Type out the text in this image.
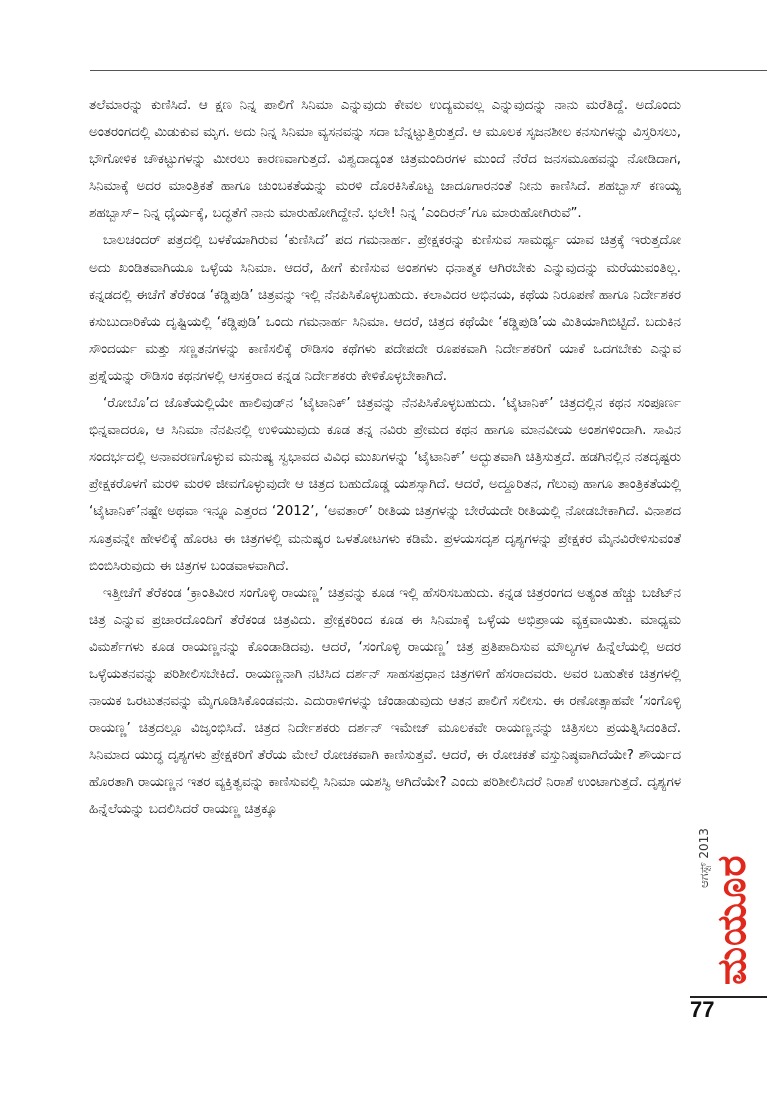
ತಲೆಮಾರನ್ನು ಕುಣಿಸಿದೆ. ಆ ಕ್ಷಣ ನಿನ್ನ ಪಾಲಿಗೆ ಸಿನಿಮಾ ಎನ್ನುವುದು ಕೇವಲ ಉದ್ಯಮವಲ್ಲ ಎನ್ನುವುದನ್ನು ನಾನು ಮರೆತಿದ್ದೆ. ಅದೊಂದು ಅಂತರಂಗದಲ್ಲಿ ಮಿಡುಕುವ ಮೃಗ. ಅದು ನಿನ್ನ ಸಿನಿಮಾ ವ್ಯಸನವನ್ನು ಸದಾ ಬೆನ್ನಟ್ಟುತ್ತಿರುತ್ತದೆ. ಆ ಮೂಲಕ ಸೃಜನಶೀಲ ಕನಸುಗಳನ್ನು ವಿಸ್ತರಿಸಲು, ಭೌಗೋಳಿಕ ಚೌಕಟ್ಟುಗಳನ್ನು ಮೀರಲು ಕಾರಣವಾಗುತ್ತದೆ. ವಿಶ್ವದಾದ್ಯಂತ ಚಿತ್ರಮಂದಿರಗಳ ಮುಂದೆ ನೆರೆದ ಜನಸಮೂಹವನ್ನು ನೋಡಿದಾಗ, ಸಿನಿಮಾಕ್ಕೆ ಅದರ ಮಾಂತ್ರಿಕತೆ ಹಾಗೂ ಚುಂಬಕತೆಯನ್ನು ಮರಳಿ ದೊರಕಿಸಿಕೊಟ್ಟ ಜಾದೂಗಾರನಂತೆ ನೀನು ಕಾಣಿಸಿದೆ. ಶಹಬ್ಬಾಸ್ ಕಣಯ್ಯ ಶಹಬ್ಬಾಸ್– ನಿನ್ನ ಧೈರ್ಯಕ್ಕೆ, ಬದ್ಧತೆಗೆ ನಾನು ಮಾರುಹೋಗಿದ್ದೇನೆ. ಭಲೇ! ನಿನ್ನ ‘ಎಂದಿರನ್’ಗೂ ಮಾರುಹೋಗಿರುವೆ”.

ಬಾಲಚಂದರ್ ಪತ್ರದಲ್ಲಿ ಬಳಕೆಯಾಗಿರುವ ‘ಕುಣಿಸಿದೆ’ ಪದ ಗಮನಾರ್ಹ. ಪ್ರೇಕ್ಷಕರನ್ನು ಕುಣಿಸುವ ಸಾಮರ್ಥ್ಯ ಯಾವ ಚಿತ್ರಕ್ಕೆ ಇರುತ್ತದೋ ಅದು ಖಂಡಿತವಾಗಿಯೂ ಒಳ್ಳೆಯ ಸಿನಿಮಾ. ಆದರೆ, ಹೀಗೆ ಕುಣಿಸುವ ಅಂಶಗಳು ಧನಾತ್ಮಕ ಆಗಿರಬೇಕು ಎನ್ನುವುದನ್ನು ಮರೆಯುವಂತಿಲ್ಲ. ಕನ್ನಡದಲ್ಲಿ ಈಚೆಗೆ ತೆರೆಕಂಡ ‘ಕಡ್ಡಿಪುಡಿ’ ಚಿತ್ರವನ್ನು ಇಲ್ಲಿ ನೆನಪಿಸಿಕೊಳ್ಳಬಹುದು. ಕಲಾವಿದರ ಅಭಿನಯ, ಕಥೆಯ ನಿರೂಪಣೆ ಹಾಗೂ ನಿರ್ದೇಶಕರ ಕಸುಬುದಾರಿಕೆಯ ದೃಷ್ಟಿಯಲ್ಲಿ ‘ಕಡ್ಡಿಪುಡಿ’ ಒಂದು ಗಮನಾರ್ಹ ಸಿನಿಮಾ. ಆದರೆ, ಚಿತ್ರದ ಕಥೆಯೇ ‘ಕಡ್ಡಿಪುಡಿ’ಯ ಮಿತಿಯಾಗಿಬಿಟ್ಟಿದೆ. ಬದುಕಿನ ಸೌಂದರ್ಯ ಮತ್ತು ಸಣ್ಣತನಗಳನ್ನು ಕಾಣಿಸಲಿಕ್ಕೆ ರೌಡಿಸಂ ಕಥೆಗಳು ಪದೇಪದೇ ರೂಪಕವಾಗಿ ನಿರ್ದೇಶಕರಿಗೆ ಯಾಕೆ ಒದಗಬೇಕು ಎನ್ನುವ ಪ್ರಶ್ನೆಯನ್ನು ರೌಡಿಸಂ ಕಥನಗಳಲ್ಲಿ ಆಸಕ್ತರಾದ ಕನ್ನಡ ನಿರ್ದೇಶಕರು ಕೇಳಿಕೊಳ್ಳಬೇಕಾಗಿದೆ.

‘ರೋಬೊ’ದ ಜೊತೆಯಲ್ಲಿಯೇ ಹಾಲಿವುಡ್‌ನ ‘ಟೈಟಾನಿಕ್’ ಚಿತ್ರವನ್ನು ನೆನಪಿಸಿಕೊಳ್ಳಬಹುದು. ‘ಟೈಟಾನಿಕ್’ ಚಿತ್ರದಲ್ಲಿನ ಕಥನ ಸಂಪೂರ್ಣ ಭಿನ್ನವಾದರೂ, ಆ ಸಿನಿಮಾ ನೆನಪಿನಲ್ಲಿ ಉಳಿಯುವುದು ಕೂಡ ತನ್ನ ನವಿರು ಪ್ರೇಮದ ಕಥನ ಹಾಗೂ ಮಾನವೀಯ ಅಂಶಗಳಿಂದಾಗಿ. ಸಾವಿನ ಸಂದರ್ಭದಲ್ಲಿ ಅನಾವರಣಗೊಳ್ಳುವ ಮನುಷ್ಯ ಸ್ವಭಾವದ ವಿವಿಧ ಮುಖಗಳನ್ನು ‘ಟೈಟಾನಿಕ್’ ಅದ್ಭುತವಾಗಿ ಚಿತ್ರಿಸುತ್ತದೆ. ಹಡಗಿನಲ್ಲಿನ ನತದೃಷ್ಟರು ಪ್ರೇಕ್ಷಕರೊಳಗೆ ಮರಳಿ ಮರಳಿ ಜೀವಗೊಳ್ಳುವುದೇ ಆ ಚಿತ್ರದ ಬಹುದೊಡ್ಡ ಯಶಸ್ಸಾಗಿದೆ. ಆದರೆ, ಅದ್ದೂರಿತನ, ಗೆಲುವು ಹಾಗೂ ತಾಂತ್ರಿಕತೆಯಲ್ಲಿ ‘ಟೈಟಾನಿಕ್’ನಷ್ಟೇ ಅಥವಾ ಇನ್ನೂ ಎತ್ತರದ ‘2012’, ‘ಅವತಾರ್’ ರೀತಿಯ ಚಿತ್ರಗಳನ್ನು ಬೇರೆಯದೇ ರೀತಿಯಲ್ಲಿ ನೋಡಬೇಕಾಗಿದೆ. ವಿನಾಶದ ಸೂತ್ರವನ್ನೇ ಹೇಳಲಿಕ್ಕೆ ಹೊರಟ ಈ ಚಿತ್ರಗಳಲ್ಲಿ ಮನುಷ್ಯರ ಒಳತೋಟಗಳು ಕಡಿಮೆ. ಪ್ರಳಯಸದೃಶ ದೃಶ್ಯಗಳನ್ನು ಪ್ರೇಕ್ಷಕರ ಮೈನವಿರೇಳಿಸುವಂತೆ ಬಿಂಬಿಸಿರುವುದು ಈ ಚಿತ್ರಗಳ ಬಂಡವಾಳವಾಗಿದೆ.

ಇತ್ತೀಚೆಗೆ ತೆರೆಕಂಡ ‘ಕ್ರಾಂತಿವೀರ ಸಂಗೊಳ್ಳಿ ರಾಯಣ್ಣ’ ಚಿತ್ರವನ್ನು ಕೂಡ ಇಲ್ಲಿ ಹೆಸರಿಸಬಹುದು. ಕನ್ನಡ ಚಿತ್ರರಂಗದ ಅತ್ಯಂತ ಹೆಚ್ಚು ಬಜೆಟ್‌ನ ಚಿತ್ರ ಎನ್ನುವ ಪ್ರಚಾರದೊಂದಿಗೆ ತೆರೆಕಂಡ ಚಿತ್ರವಿದು. ಪ್ರೇಕ್ಷಕರಿಂದ ಕೂಡ ಈ ಸಿನಿಮಾಕ್ಕೆ ಒಳ್ಳೆಯ ಅಭಿಪ್ರಾಯ ವ್ಯಕ್ತವಾಯಿತು. ಮಾಧ್ಯಮ ವಿಮರ್ಶೆಗಳು ಕೂಡ ರಾಯಣ್ಣನನ್ನು ಕೊಂಡಾಡಿದವು. ಆದರೆ, ‘ಸಂಗೊಳ್ಳಿ ರಾಯಣ್ಣ’ ಚಿತ್ರ ಪ್ರತಿಪಾದಿಸುವ ಮೌಲ್ಯಗಳ ಹಿನ್ನೆಲೆಯಲ್ಲಿ ಅದರ ಒಳ್ಳೆಯತನವನ್ನು ಪರಿಶೀಲಿಸಬೇಕಿದೆ. ರಾಯಣ್ಣನಾಗಿ ನಟಿಸಿದ ದರ್ಶನ್ ಸಾಹಸಪ್ರಧಾನ ಚಿತ್ರಗಳಿಗೆ ಹೆಸರಾದವರು. ಅವರ ಬಹುತೇಕ ಚಿತ್ರಗಳಲ್ಲಿ ನಾಯಕ ಒರಟುತನವನ್ನು ಮೈಗೂಡಿಸಿಕೊಂಡವನು. ಎದುರಾಳಿಗಳನ್ನು ಚೆಂಡಾಡುವುದು ಆತನ ಪಾಲಿಗೆ ಸಲೀಸು. ಈ ರಣೋತ್ಸಾಹವೇ ‘ಸಂಗೊಳ್ಳಿ ರಾಯಣ್ಣ’ ಚಿತ್ರದಲ್ಲೂ ವಿಜೃಂಭಿಸಿದೆ. ಚಿತ್ರದ ನಿರ್ದೇಶಕರು ದರ್ಶನ್ ಇಮೇಜ್ ಮೂಲಕವೇ ರಾಯಣ್ಣನನ್ನು ಚಿತ್ರಿಸಲು ಪ್ರಯತ್ನಿಸಿದಂತಿದೆ. ಸಿನಿಮಾದ ಯುದ್ಧ ದೃಶ್ಯಗಳು ಪ್ರೇಕ್ಷಕರಿಗೆ ತೆರೆಯ ಮೇಲೆ ರೋಚಕವಾಗಿ ಕಾಣಿಸುತ್ತವೆ. ಆದರೆ, ಈ ರೋಚಕತೆ ವಸ್ತುನಿಷ್ಠವಾಗಿದೆಯೇ? ಶೌರ್ಯದ ಹೊರತಾಗಿ ರಾಯಣ್ಣನ ಇತರ ವ್ಯಕ್ತಿತ್ವವನ್ನು ಕಾಣಿಸುವಲ್ಲಿ ಸಿನಿಮಾ ಯಶಸ್ವಿ ಆಗಿದೆಯೇ? ಎಂದು ಪರಿಶೀಲಿಸಿದರೆ ನಿರಾಶೆ ಉಂಟಾಗುತ್ತದೆ. ದೃಶ್ಯಗಳ ಹಿನ್ನೆಲೆಯನ್ನು ಬದಲಿಸಿದರೆ ರಾಯಣ್ಣ ಚಿತ್ರಕ್ಕೂ

ಆಗಸ್ಟ್ 2013
ಮಯೂರ
77
